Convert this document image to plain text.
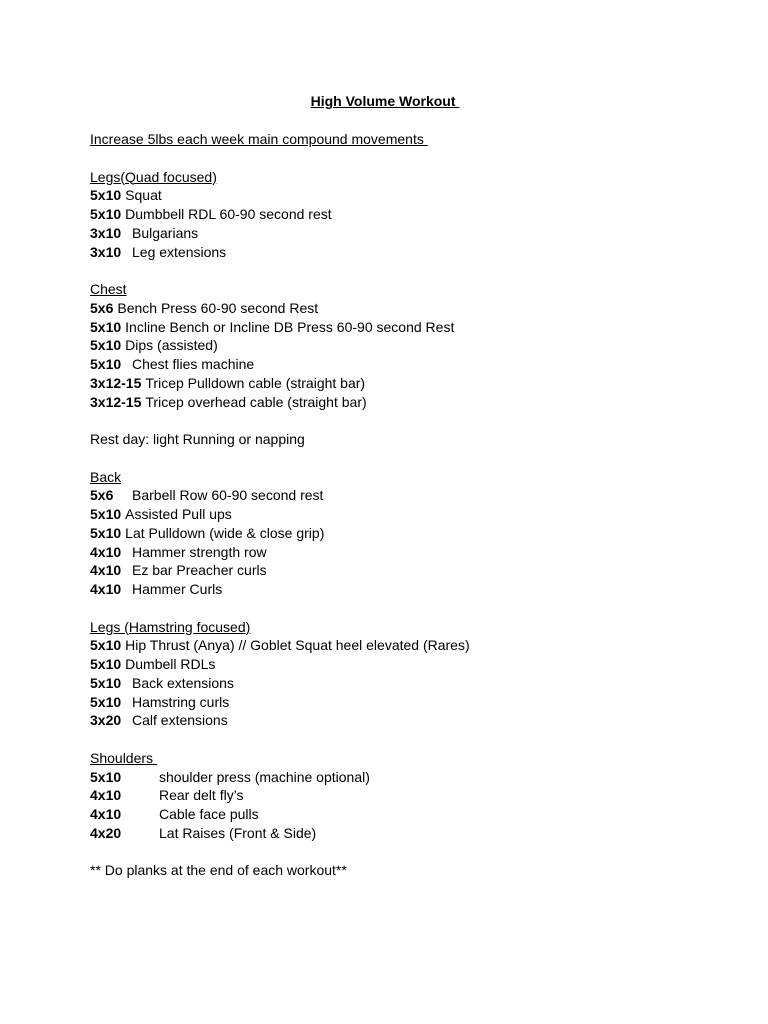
High Volume Workout
Increase 5lbs each week main compound movements
Legs(Quad focused)
5x10 Squat
5x10 Dumbbell RDL 60-90 second rest
3x10 Bulgarians
3x10 Leg extensions
Chest
5x6 Bench Press 60-90 second Rest
5x10 Incline Bench or Incline DB Press 60-90 second Rest
5x10 Dips (assisted)
5x10 Chest flies machine
3x12-15 Tricep Pulldown cable (straight bar)
3x12-15 Tricep overhead cable (straight bar)
Rest day: light Running or napping
Back
5x6	Barbell Row 60-90 second rest
5x10 Assisted Pull ups
5x10 Lat Pulldown (wide & close grip)
4x10 Hammer strength row
4x10 Ez bar Preacher curls
4x10 Hammer Curls
Legs (Hamstring focused)
5x10 Hip Thrust (Anya) // Goblet Squat heel elevated (Rares)
5x10 Dumbell RDLs
5x10 Back extensions
5x10 Hamstring curls
3x20 Calf extensions
Shoulders
5x10	shoulder press (machine optional)
4x10	Rear delt fly’s
4x10	Cable face pulls
4x20	Lat Raises (Front & Side)
** Do planks at the end of each workout**
